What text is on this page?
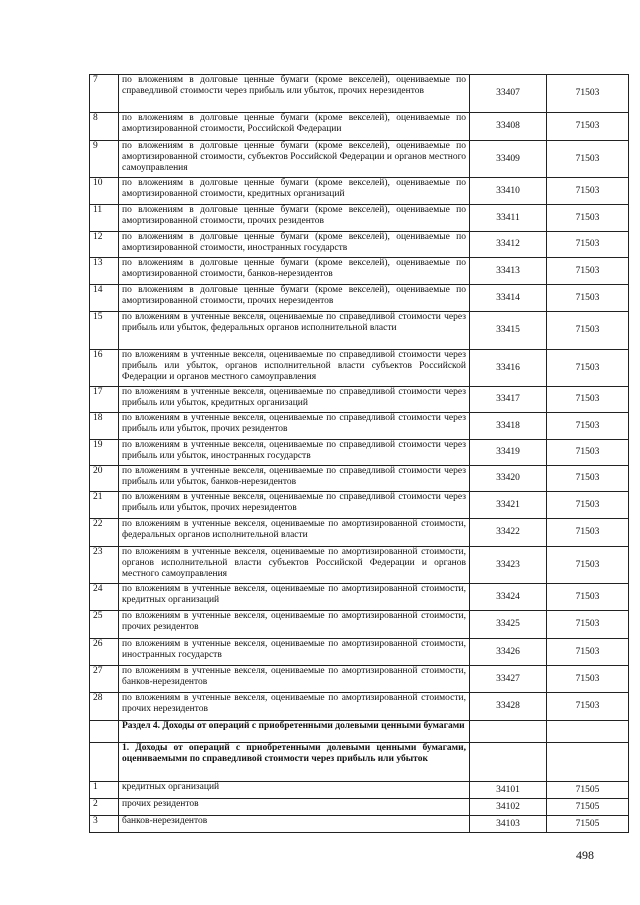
7	по вложениям в долговые ценные бумаги (кроме векселей), оцениваемые по справедливой стоимости через прибыль или убыток, прочих нерезидентов	33407	71503
8	по вложениям в долговые ценные бумаги (кроме векселей), оцениваемые по амортизированной стоимости, Российской Федерации	33408	71503
9	по вложениям в долговые ценные бумаги (кроме векселей), оцениваемые по амортизированной стоимости, субъектов Российской Федерации и органов местного самоуправления	33409	71503
10	по вложениям в долговые ценные бумаги (кроме векселей), оцениваемые по амортизированной стоимости, кредитных организаций	33410	71503
11	по вложениям в долговые ценные бумаги (кроме векселей), оцениваемые по амортизированной стоимости, прочих резидентов	33411	71503
12	по вложениям в долговые ценные бумаги (кроме векселей), оцениваемые по амортизированной стоимости, иностранных государств	33412	71503
13	по вложениям в долговые ценные бумаги (кроме векселей), оцениваемые по амортизированной стоимости, банков-нерезидентов	33413	71503
14	по вложениям в долговые ценные бумаги (кроме векселей), оцениваемые по амортизированной стоимости, прочих нерезидентов	33414	71503
15	по вложениям в учтенные векселя, оцениваемые по справедливой стоимости через прибыль или убыток, федеральных органов исполнительной власти	33415	71503
16	по вложениям в учтенные векселя, оцениваемые по справедливой стоимости через прибыль или убыток, органов исполнительной власти субъектов Российской Федерации и органов местного самоуправления	33416	71503
17	по вложениям в учтенные векселя, оцениваемые по справедливой стоимости через прибыль или убыток, кредитных организаций	33417	71503
18	по вложениям в учтенные векселя, оцениваемые по справедливой стоимости через прибыль или убыток, прочих резидентов	33418	71503
19	по вложениям в учтенные векселя, оцениваемые по справедливой стоимости через прибыль или убыток, иностранных государств	33419	71503
20	по вложениям в учтенные векселя, оцениваемые по справедливой стоимости через прибыль или убыток, банков-нерезидентов	33420	71503
21	по вложениям в учтенные векселя, оцениваемые по справедливой стоимости через прибыль или убыток, прочих нерезидентов	33421	71503
22	по вложениям в учтенные векселя, оцениваемые по амортизированной стоимости, федеральных органов исполнительной власти	33422	71503
23	по вложениям в учтенные векселя, оцениваемые по амортизированной стоимости, органов исполнительной власти субъектов Российской Федерации и органов местного самоуправления	33423	71503
24	по вложениям в учтенные векселя, оцениваемые по амортизированной стоимости, кредитных организаций	33424	71503
25	по вложениям в учтенные векселя, оцениваемые по амортизированной стоимости, прочих резидентов	33425	71503
26	по вложениям в учтенные векселя, оцениваемые по амортизированной стоимости, иностранных государств	33426	71503
27	по вложениям в учтенные векселя, оцениваемые по амортизированной стоимости, банков-нерезидентов	33427	71503
28	по вложениям в учтенные векселя, оцениваемые по амортизированной стоимости, прочих нерезидентов	33428	71503
	Раздел 4. Доходы от операций с приобретенными долевыми ценными бумагами		
	1. Доходы от операций с приобретенными долевыми ценными бумагами, оцениваемыми по справедливой стоимости через прибыль или убыток		
1	кредитных организаций	34101	71505
2	прочих резидентов	34102	71505
3	банков-нерезидентов	34103	71505
498
